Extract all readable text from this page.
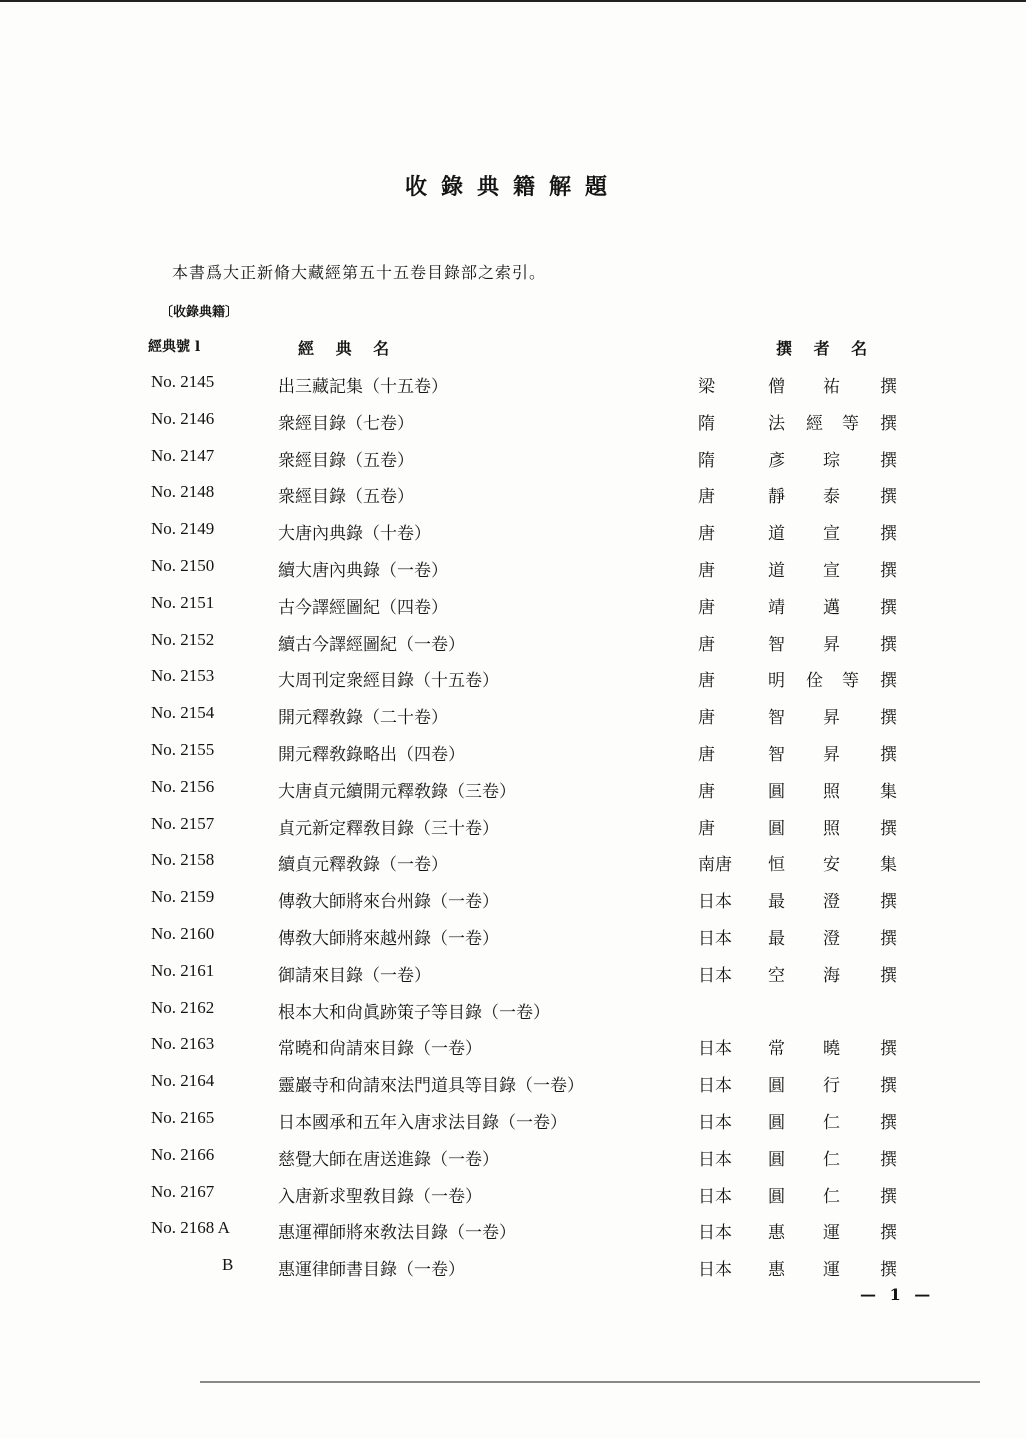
收錄典籍解題
本書爲大正新脩大藏經第五十五卷目錄部之索引。
〔收錄典籍〕
經典號 l	經 典 名	撰 者 名
No. 2145	出三藏記集（十五卷）	梁	僧 祐 撰
No. 2146	衆經目錄（七卷）	隋	法 經 等 撰
No. 2147	衆經目錄（五卷）	隋	彥 琮 撰
No. 2148	衆經目錄（五卷）	唐	靜 泰 撰
No. 2149	大唐內典錄（十卷）	唐	道 宣 撰
No. 2150	續大唐內典錄（一卷）	唐	道 宣 撰
No. 2151	古今譯經圖紀（四卷）	唐	靖 邁 撰
No. 2152	續古今譯經圖紀（一卷）	唐	智 昇 撰
No. 2153	大周刊定衆經目錄（十五卷）	唐	明 佺 等 撰
No. 2154	開元釋敎錄（二十卷）	唐	智 昇 撰
No. 2155	開元釋敎錄略出（四卷）	唐	智 昇 撰
No. 2156	大唐貞元續開元釋敎錄（三卷）	唐	圓 照 集
No. 2157	貞元新定釋敎目錄（三十卷）	唐	圓 照 撰
No. 2158	續貞元釋敎錄（一卷）	南唐 恒 安 集
No. 2159	傳敎大師將來台州錄（一卷）	日本 最 澄 撰
No. 2160	傳敎大師將來越州錄（一卷）	日本 最 澄 撰
No. 2161	御請來目錄（一卷）	日本 空 海 撰
No. 2162	根本大和尙眞跡策子等目錄（一卷）
No. 2163	常曉和尙請來目錄（一卷）	日本 常 曉 撰
No. 2164	靈巖寺和尙請來法門道具等目錄（一卷）	日本 圓 行 撰
No. 2165	日本國承和五年入唐求法目錄（一卷）	日本 圓 仁 撰
No. 2166	慈覺大師在唐送進錄（一卷）	日本 圓 仁 撰
No. 2167	入唐新求聖敎目錄（一卷）	日本 圓 仁 撰
No. 2168 A	惠運禪師將來敎法目錄（一卷）	日本 惠 運 撰
B	惠運律師書目錄（一卷）	日本 惠 運 撰
— 1 —
